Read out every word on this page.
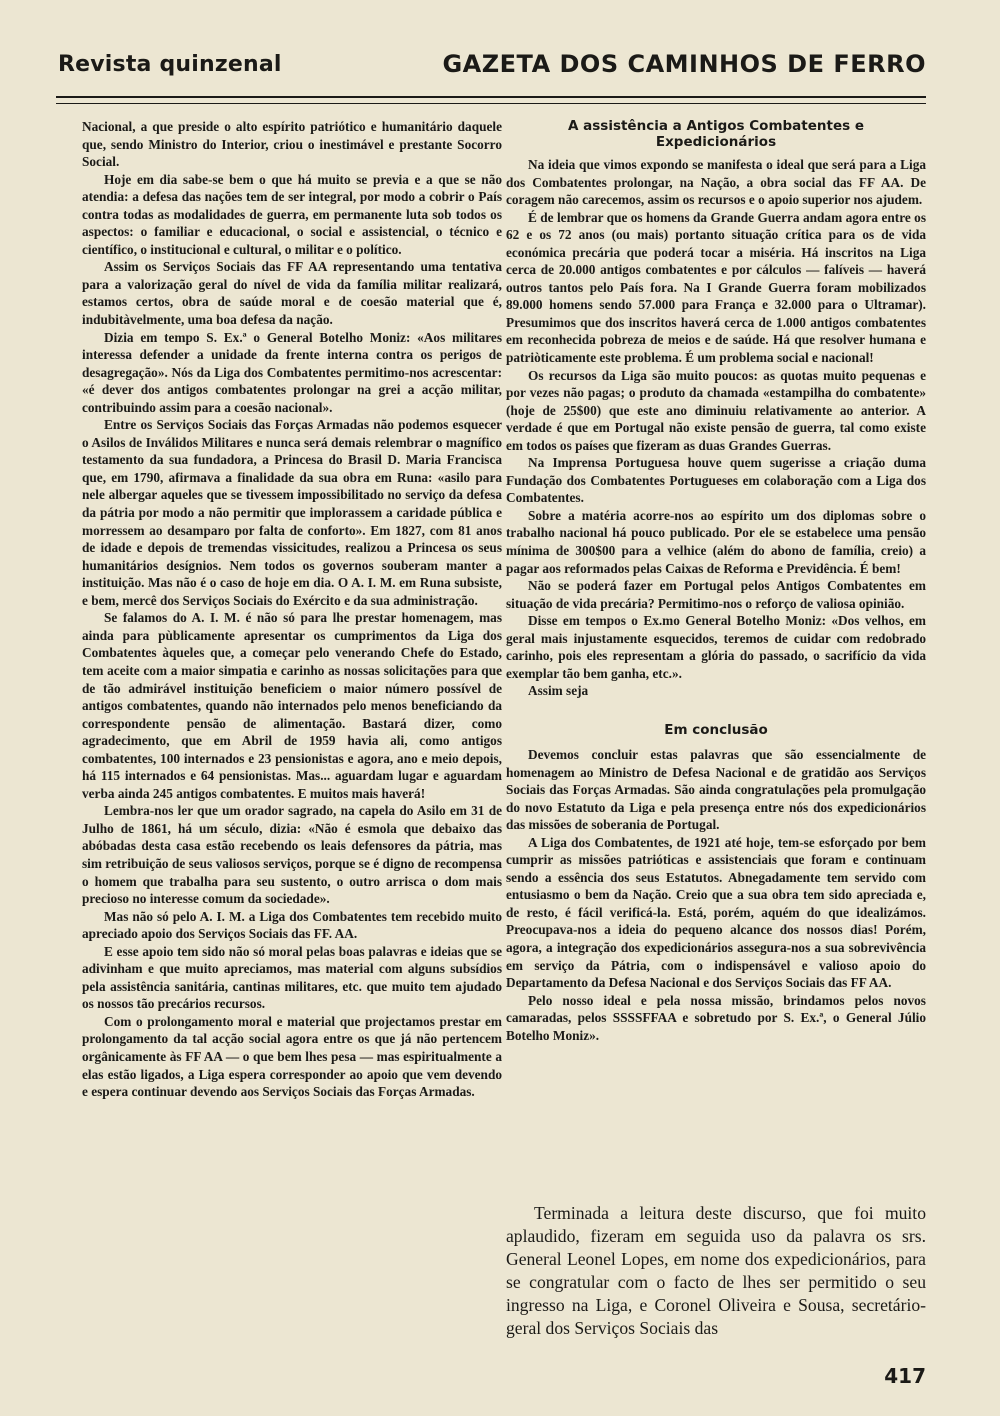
Revista quinzenal	GAZETA DOS CAMINHOS DE FERRO

Nacional, a que preside o alto espírito patriótico e humanitário daquele que, sendo Ministro do Interior, criou o inestimável e prestante Socorro Social.

Hoje em dia sabe-se bem o que há muito se previa e a que se não atendia: a defesa das nações tem de ser integral, por modo a cobrir o País contra todas as modalidades de guerra, em permanente luta sob todos os aspectos: o familiar e educacional, o social e assistencial, o técnico e científico, o institucional e cultural, o militar e o político.

Assim os Serviços Sociais das FF AA representando uma tentativa para a valorização geral do nível de vida da família militar realizará, estamos certos, obra de saúde moral e de coesão material que é, indubitàvelmente, uma boa defesa da nação.

Dizia em tempo S. Ex.ª o General Botelho Moniz: «Aos militares interessa defender a unidade da frente interna contra os perigos de desagregação». Nós da Liga dos Combatentes permitimo-nos acrescentar: «é dever dos antigos combatentes prolongar na grei a acção militar, contribuindo assim para a coesão nacional».

Entre os Serviços Sociais das Forças Armadas não podemos esquecer o Asilos de Inválidos Militares e nunca será demais relembrar o magnífico testamento da sua fundadora, a Princesa do Brasil D. Maria Francisca que, em 1790, afirmava a finalidade da sua obra em Runa: «asilo para nele albergar aqueles que se tivessem impossibilitado no serviço da defesa da pátria por modo a não permitir que implorassem a caridade pública e morressem ao desamparo por falta de conforto». Em 1827, com 81 anos de idade e depois de tremendas vissicitudes, realizou a Princesa os seus humanitários desígnios. Nem todos os governos souberam manter a instituição. Mas não é o caso de hoje em dia. O A. I. M. em Runa subsiste, e bem, mercê dos Serviços Sociais do Exército e da sua administração.

Se falamos do A. I. M. é não só para lhe prestar homenagem, mas ainda para pùblicamente apresentar os cumprimentos da Liga dos Combatentes àqueles que, a começar pelo venerando Chefe do Estado, tem aceite com a maior simpatia e carinho as nossas solicitações para que de tão admirável instituição beneficiem o maior número possível de antigos combatentes, quando não internados pelo menos beneficiando da correspondente pensão de alimentação. Bastará dizer, como agradecimento, que em Abril de 1959 havia ali, como antigos combatentes, 100 internados e 23 pensionistas e agora, ano e meio depois, há 115 internados e 64 pensionistas. Mas... aguardam lugar e aguardam verba ainda 245 antigos combatentes. E muitos mais haverá!

Lembra-nos ler que um orador sagrado, na capela do Asilo em 31 de Julho de 1861, há um século, dizia: «Não é esmola que debaixo das abóbadas desta casa estão recebendo os leais defensores da pátria, mas sim retribuição de seus valiosos serviços, porque se é digno de recompensa o homem que trabalha para seu sustento, o outro arrisca o dom mais precioso no interesse comum da sociedade».

Mas não só pelo A. I. M. a Liga dos Combatentes tem recebido muito apreciado apoio dos Serviços Sociais das FF. AA.

E esse apoio tem sido não só moral pelas boas palavras e ideias que se adivinham e que muito apreciamos, mas material com alguns subsídios pela assistência sanitária, cantinas militares, etc. que muito tem ajudado os nossos tão precários recursos.

Com o prolongamento moral e material que projectamos prestar em prolongamento da tal acção social agora entre os que já não pertencem orgânicamente às FF AA — o que bem lhes pesa — mas espiritualmente a elas estão ligados, a Liga espera corresponder ao apoio que vem devendo e espera continuar devendo aos Serviços Sociais das Forças Armadas.

A assistência a Antigos Combatentes e Expedicionários

Na ideia que vimos expondo se manifesta o ideal que será para a Liga dos Combatentes prolongar, na Nação, a obra social das FF AA. De coragem não carecemos, assim os recursos e o apoio superior nos ajudem.

É de lembrar que os homens da Grande Guerra andam agora entre os 62 e os 72 anos (ou mais) portanto situação crítica para os de vida económica precária que poderá tocar a miséria. Há inscritos na Liga cerca de 20.000 antigos combatentes e por cálculos — falíveis — haverá outros tantos pelo País fora. Na I Grande Guerra foram mobilizados 89.000 homens sendo 57.000 para França e 32.000 para o Ultramar). Presumimos que dos inscritos haverá cerca de 1.000 antigos combatentes em reconhecida pobreza de meios e de saúde. Há que resolver humana e patriòticamente este problema. É um problema social e nacional!

Os recursos da Liga são muito poucos: as quotas muito pequenas e por vezes não pagas; o produto da chamada «estampilha do combatente» (hoje de 25$00) que este ano diminuiu relativamente ao anterior. A verdade é que em Portugal não existe pensão de guerra, tal como existe em todos os países que fizeram as duas Grandes Guerras.

Na Imprensa Portuguesa houve quem sugerisse a criação duma Fundação dos Combatentes Portugueses em colaboração com a Liga dos Combatentes.

Sobre a matéria acorre-nos ao espírito um dos diplomas sobre o trabalho nacional há pouco publicado. Por ele se estabelece uma pensão mínima de 300$00 para a velhice (além do abono de família, creio) a pagar aos reformados pelas Caixas de Reforma e Previdência. É bem!

Não se poderá fazer em Portugal pelos Antigos Combatentes em situação de vida precária? Permitimo-nos o reforço de valiosa opinião.

Disse em tempos o Ex.mo General Botelho Moniz: «Dos velhos, em geral mais injustamente esquecidos, teremos de cuidar com redobrado carinho, pois eles representam a glória do passado, o sacrifício da vida exemplar tão bem ganha, etc.».

Assim seja

Em conclusão

Devemos concluir estas palavras que são essencialmente de homenagem ao Ministro de Defesa Nacional e de gratidão aos Serviços Sociais das Forças Armadas. São ainda congratulações pela promulgação do novo Estatuto da Liga e pela presença entre nós dos expedicionários das missões de soberania de Portugal.

A Liga dos Combatentes, de 1921 até hoje, tem-se esforçado por bem cumprir as missões patrióticas e assistenciais que foram e continuam sendo a essência dos seus Estatutos. Abnegadamente tem servido com entusiasmo o bem da Nação. Creio que a sua obra tem sido apreciada e, de resto, é fácil verificá-la. Está, porém, aquém do que idealizámos. Preocupava-nos a ideia do pequeno alcance dos nossos dias! Porém, agora, a integração dos expedicionários assegura-nos a sua sobrevivência em serviço da Pátria, com o indispensável e valioso apoio do Departamento da Defesa Nacional e dos Serviços Sociais das FF AA.

Pelo nosso ideal e pela nossa missão, brindamos pelos novos camaradas, pelos SSSSFFAA e sobretudo por S. Ex.ª, o General Júlio Botelho Moniz».

Terminada a leitura deste discurso, que foi muito aplaudido, fizeram em seguida uso da palavra os srs. General Leonel Lopes, em nome dos expedicionários, para se congratular com o facto de lhes ser permitido o seu ingresso na Liga, e Coronel Oliveira e Sousa, secretário-geral dos Serviços Sociais das

417
